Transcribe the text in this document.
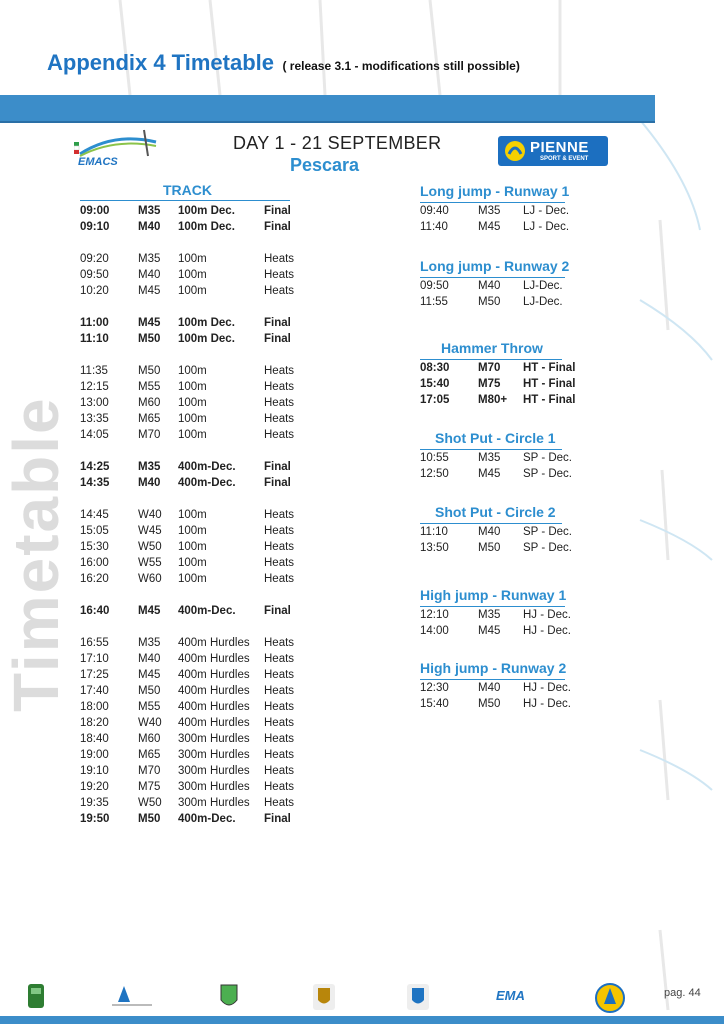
Appendix 4 Timetable ( release 3.1 - modifications still possible)
Timetable
EMACS
DAY 1 - 21 SEPTEMBER
Pescara
PIENNE
SPORT & EVENT
TRACK
09:00 M35 100m Dec.	Final
09:10 M40 100m Dec.	Final
09:20	M35 100m	Heats
09:50	M40 100m	Heats
10:20	M45 100m	Heats
11:00	M45 100m Dec.	Final
11:10	M50 100m Dec.	Final
11:35	M50 100m	Heats
12:15	M55 100m	Heats
13:00	M60 100m	Heats
13:35	M65 100m	Heats
14:05	M70 100m	Heats
14:25 M35 400m-Dec. Final
14:35 M40 400m-Dec. Final
14:45	W40 100m	Heats
15:05	W45 100m	Heats
15:30	W50 100m	Heats
16:00	W55 100m	Heats
16:20	W60 100m	Heats
16:40 M45 400m-Dec. Final
16:55	M35 400m Hurdles Heats
17:10	M40 400m Hurdles Heats
17:25	M45 400m Hurdles Heats
17:40	M50 400m Hurdles Heats
18:00	M55 400m Hurdles Heats
18:20	W40 400m Hurdles Heats
18:40	M60 300m Hurdles Heats
19:00	M65 300m Hurdles Heats
19:10	M70 300m Hurdles Heats
19:20	M75 300m Hurdles Heats
19:35	W50 300m Hurdles Heats
19:50 M50 400m-Dec. Final
Long jump - Runway 1
09:40	M35 LJ - Dec.
11:40	M45 LJ - Dec.
Long jump - Runway 2
09:50	M40 LJ-Dec.
11:55	M50 LJ-Dec.
Hammer Throw
08:30 M70 HT - Final
15:40 M75 HT - Final
17:05 M80+ HT - Final
Shot Put - Circle 1
10:55	M35 SP - Dec.
12:50	M45 SP - Dec.
Shot Put - Circle 2
11:10	M40 SP - Dec.
13:50	M50 SP - Dec.
High jump - Runway 1
12:10	M35 HJ - Dec.
14:00	M45 HJ - Dec.
High jump - Runway 2
12:30	M40 HJ - Dec.
15:40	M50 HJ - Dec.
EMA	pag. 44
